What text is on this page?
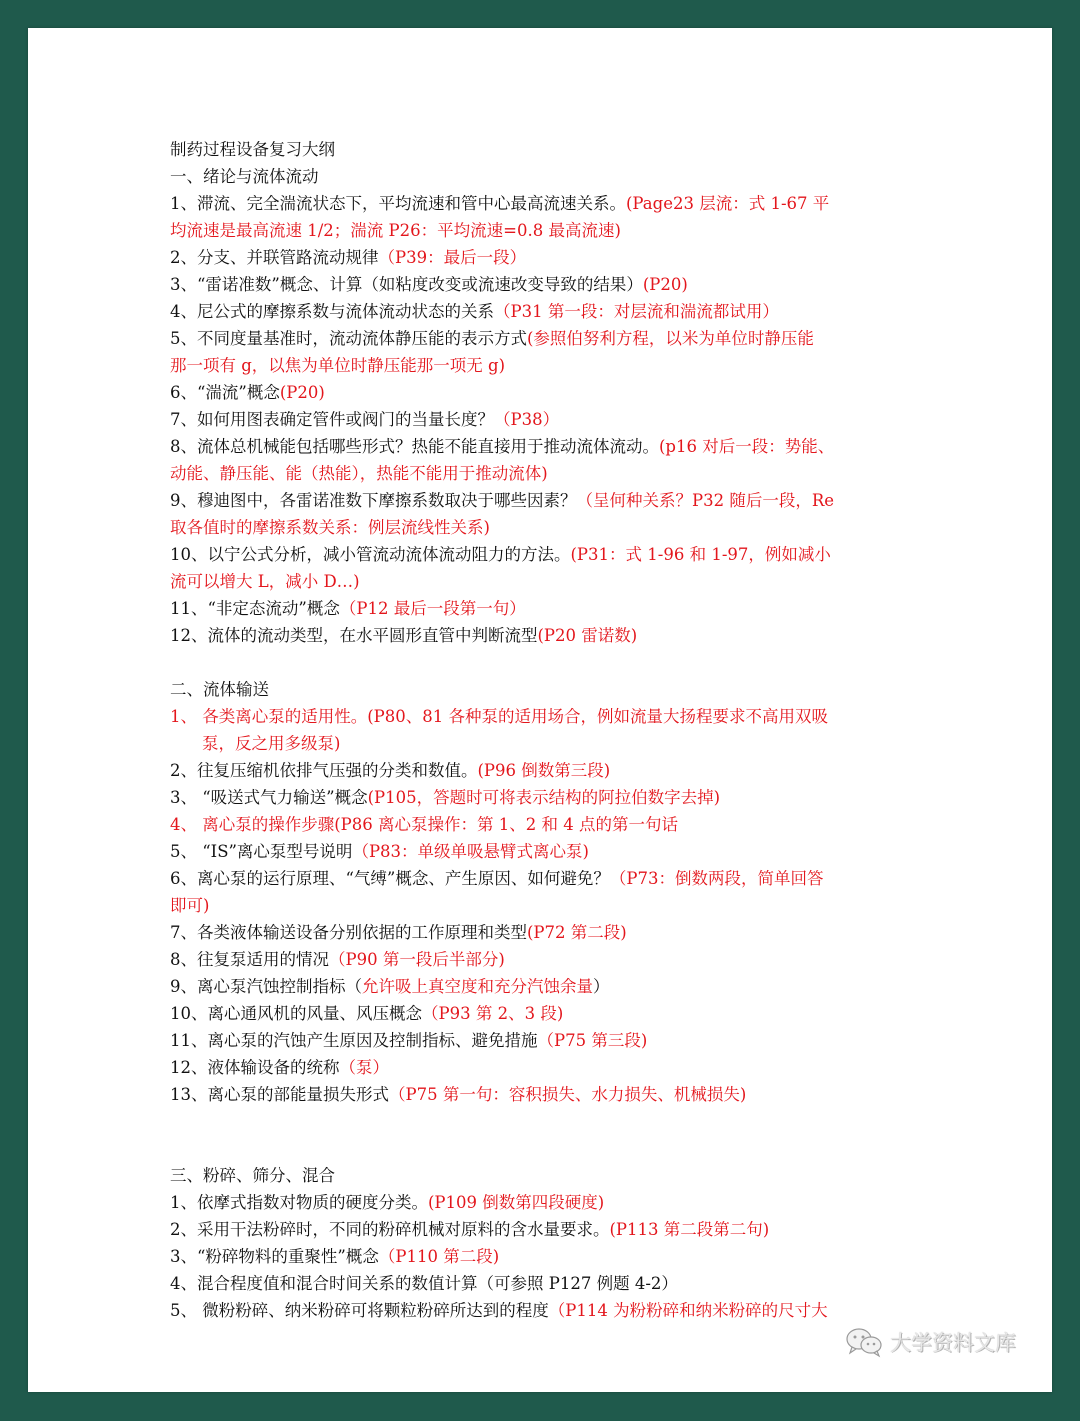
制药过程设备复习大纲
一、绪论与流体流动
1、滞流、完全湍流状态下，平均流速和管中心最高流速关系。(Page23 层流：式 1-67 平
均流速是最高流速 1/2；湍流 P26：平均流速=0.8 最高流速)
2、分支、并联管路流动规律（P39：最后一段）
3、“雷诺准数”概念、计算（如粘度改变或流速改变导致的结果）(P20)
4、尼公式的摩擦系数与流体流动状态的关系（P31 第一段：对层流和湍流都试用）
5、不同度量基准时，流动流体静压能的表示方式(参照伯努利方程，以米为单位时静压能
那一项有 g，以焦为单位时静压能那一项无 g)
6、“湍流”概念(P20)
7、如何用图表确定管件或阀门的当量长度？（P38）
8、流体总机械能包括哪些形式？热能不能直接用于推动流体流动。(p16 对后一段：势能、
动能、静压能、能（热能），热能不能用于推动流体)
9、穆迪图中，各雷诺准数下摩擦系数取决于哪些因素？（呈何种关系？P32 随后一段，Re
取各值时的摩擦系数关系：例层流线性关系)
10、以宁公式分析，减小管流动流体流动阻力的方法。(P31：式 1-96 和 1-97，例如减小
流可以增大 L，减小 D…)
11、“非定态流动”概念（P12 最后一段第一句）
12、流体的流动类型，在水平圆形直管中判断流型(P20 雷诺数)
二、流体输送
1、 各类离心泵的适用性。(P80、81 各种泵的适用场合，例如流量大扬程要求不高用双吸
泵，反之用多级泵)
2、往复压缩机依排气压强的分类和数值。(P96 倒数第三段)
3、 “吸送式气力输送”概念(P105，答题时可将表示结构的阿拉伯数字去掉)
4、 离心泵的操作步骤(P86 离心泵操作：第 1、2 和 4 点的第一句话
5、 “IS”离心泵型号说明（P83：单级单吸悬臂式离心泵)
6、离心泵的运行原理、“气缚”概念、产生原因、如何避免？（P73：倒数两段，简单回答
即可)
7、各类液体输送设备分别依据的工作原理和类型(P72 第二段)
8、往复泵适用的情况（P90 第一段后半部分)
9、离心泵汽蚀控制指标（允许吸上真空度和充分汽蚀余量）
10、离心通风机的风量、风压概念（P93 第 2、3 段)
11、离心泵的汽蚀产生原因及控制指标、避免措施（P75 第三段)
12、液体输设备的统称（泵）
13、离心泵的部能量损失形式（P75 第一句：容积损失、水力损失、机械损失)
三、粉碎、筛分、混合
1、依摩式指数对物质的硬度分类。(P109 倒数第四段硬度)
2、采用干法粉碎时，不同的粉碎机械对原料的含水量要求。(P113 第二段第二句)
3、“粉碎物料的重聚性”概念（P110 第二段)
4、混合程度值和混合时间关系的数值计算（可参照 P127 例题 4-2）
5、 微粉粉碎、纳米粉碎可将颗粒粉碎所达到的程度（P114 为粉粉碎和纳米粉碎的尺寸大
大学资料文库
